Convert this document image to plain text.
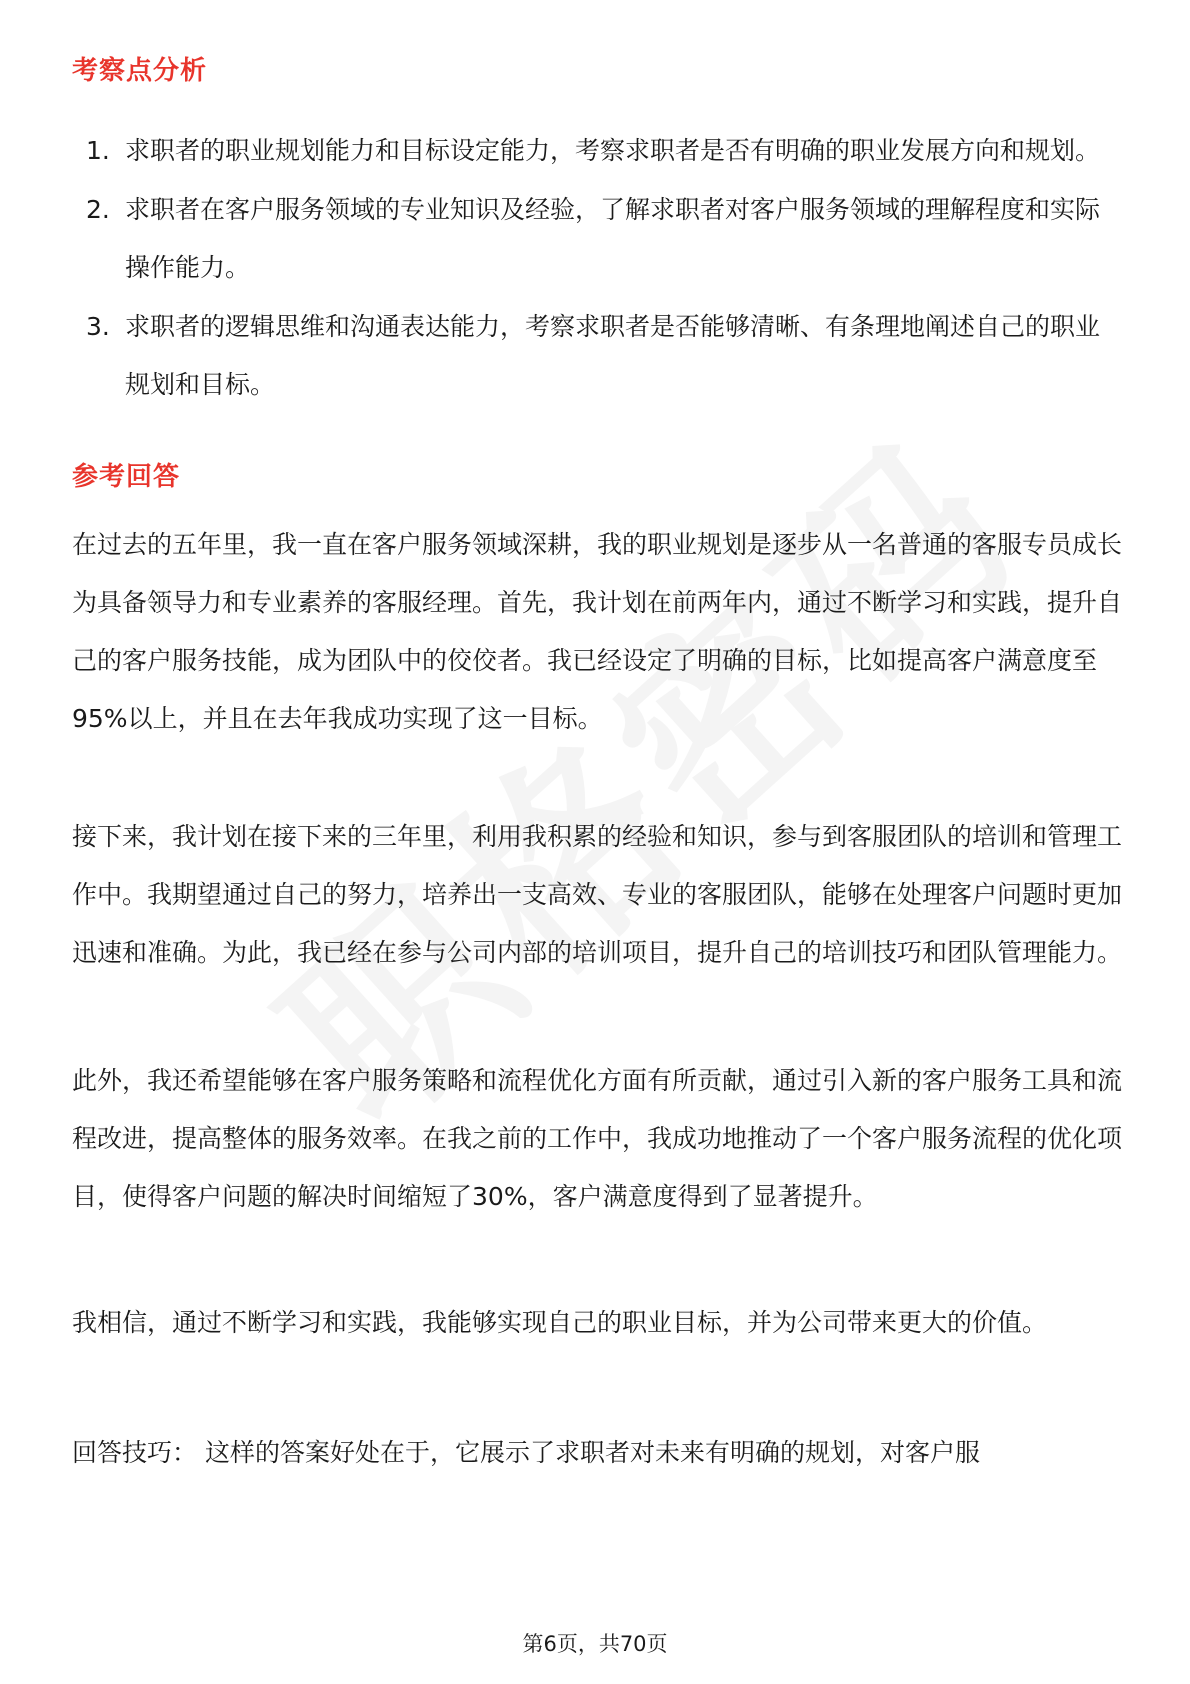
考察点分析
1. 求职者的职业规划能力和目标设定能力，考察求职者是否有明确的职业发展方向和规划。
2. 求职者在客户服务领域的专业知识及经验，了解求职者对客户服务领域的理解程度和实际操作能力。
3. 求职者的逻辑思维和沟通表达能力，考察求职者是否能够清晰、有条理地阐述自己的职业规划和目标。
参考回答

在过去的五年里，我一直在客户服务领域深耕，我的职业规划是逐步从一名普通的客服专员成长为具备领导力和专业素养的客服经理。首先，我计划在前两年内，通过不断学习和实践，提升自己的客户服务技能，成为团队中的佼佼者。我已经设定了明确的目标，比如提高客户满意度至95%以上，并且在去年我成功实现了这一目标。

接下来，我计划在接下来的三年里，利用我积累的经验和知识，参与到客服团队的培训和管理工作中。我期望通过自己的努力，培养出一支高效、专业的客服团队，能够在处理客户问题时更加迅速和准确。为此，我已经在参与公司内部的培训项目，提升自己的培训技巧和团队管理能力。

此外，我还希望能够在客户服务策略和流程优化方面有所贡献，通过引入新的客户服务工具和流程改进，提高整体的服务效率。在我之前的工作中，我成功地推动了一个客户服务流程的优化项目，使得客户问题的解决时间缩短了30%，客户满意度得到了显著提升。

我相信，通过不断学习和实践，我能够实现自己的职业目标，并为公司带来更大的价值。

回答技巧： 这样的答案好处在于，它展示了求职者对未来有明确的规划，对客户服

第6页，共70页
